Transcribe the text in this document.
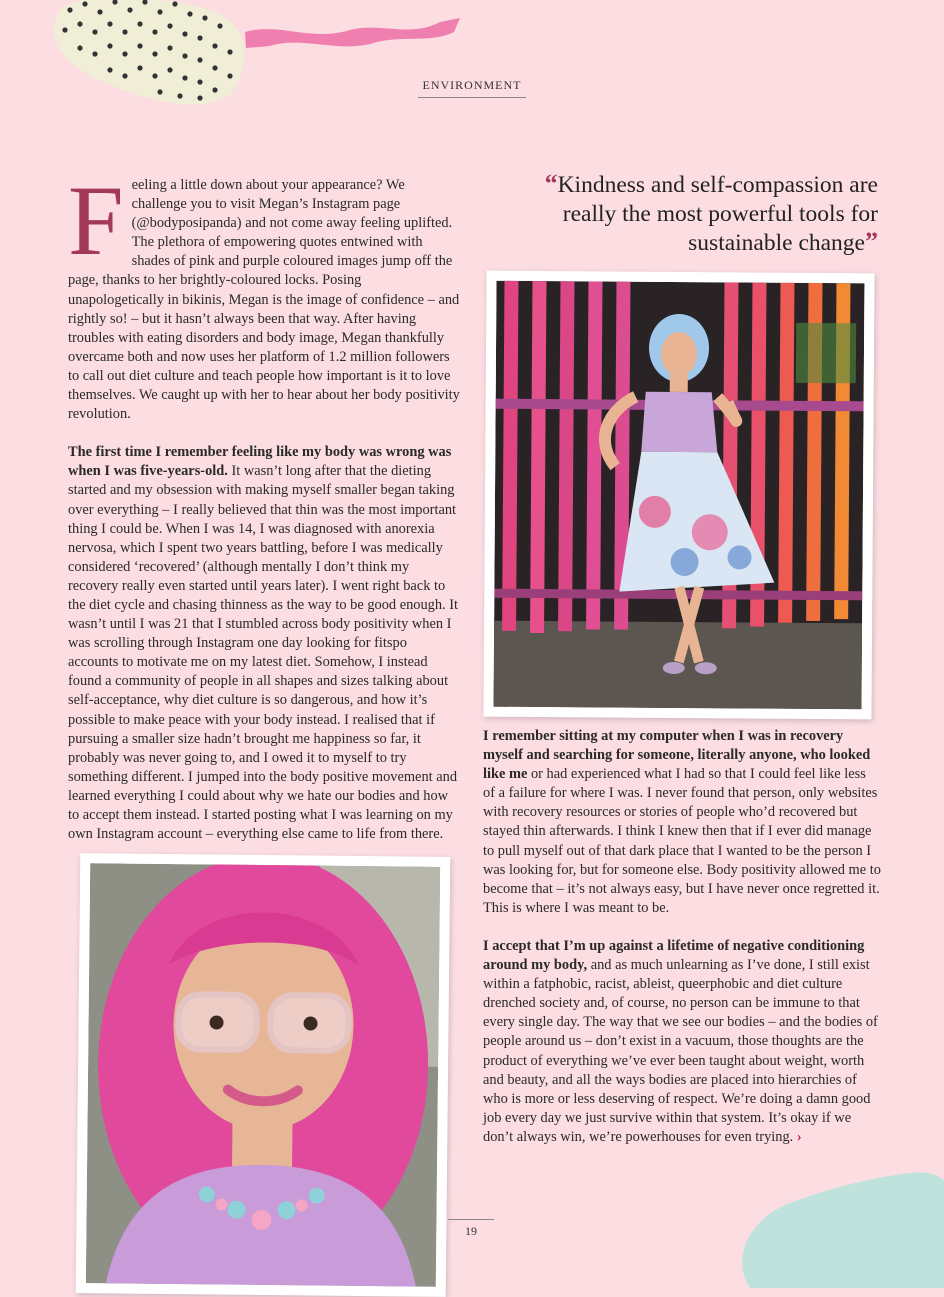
ENVIRONMENT

Feeling a little down about your appearance? We challenge you to visit Megan’s Instagram page (@bodyposipanda) and not come away feeling uplifted. The plethora of empowering quotes entwined with shades of pink and purple coloured images jump off the page, thanks to her brightly-coloured locks. Posing unapologetically in bikinis, Megan is the image of confidence – and rightly so! – but it hasn’t always been that way. After having troubles with eating disorders and body image, Megan thankfully overcame both and now uses her platform of 1.2 million followers to call out diet culture and teach people how important is it to love themselves. We caught up with her to hear about her body positivity revolution.

The first time I remember feeling like my body was wrong was when I was five-years-old. It wasn’t long after that the dieting started and my obsession with making myself smaller began taking over everything – I really believed that thin was the most important thing I could be. When I was 14, I was diagnosed with anorexia nervosa, which I spent two years battling, before I was medically considered ‘recovered’ (although mentally I don’t think my recovery really even started until years later). I went right back to the diet cycle and chasing thinness as the way to be good enough. It wasn’t until I was 21 that I stumbled across body positivity when I was scrolling through Instagram one day looking for fitspo accounts to motivate me on my latest diet. Somehow, I instead found a community of people in all shapes and sizes talking about self-acceptance, why diet culture is so dangerous, and how it’s possible to make peace with your body instead. I realised that if pursuing a smaller size hadn’t brought me happiness so far, it probably was never going to, and I owed it to myself to try something different. I jumped into the body positive movement and learned everything I could about why we hate our bodies and how to accept them instead. I started posting what I was learning on my own Instagram account – everything else came to life from there.

“Kindness and self-compassion are really the most powerful tools for sustainable change”

I remember sitting at my computer when I was in recovery myself and searching for someone, literally anyone, who looked like me or had experienced what I had so that I could feel like less of a failure for where I was. I never found that person, only websites with recovery resources or stories of people who’d recovered but stayed thin afterwards. I think I knew then that if I ever did manage to pull myself out of that dark place that I wanted to be the person I was looking for, but for someone else. Body positivity allowed me to become that – it’s not always easy, but I have never once regretted it. This is where I was meant to be.

I accept that I’m up against a lifetime of negative conditioning around my body, and as much unlearning as I’ve done, I still exist within a fatphobic, racist, ableist, queerphobic and diet culture drenched society and, of course, no person can be immune to that every single day. The way that we see our bodies – and the bodies of people around us – don’t exist in a vacuum, those thoughts are the product of everything we’ve ever been taught about weight, worth and beauty, and all the ways bodies are placed into hierarchies of who is more or less deserving of respect. We’re doing a damn good job every day we just survive within that system. It’s okay if we don’t always win, we’re powerhouses for even trying. ›

19
